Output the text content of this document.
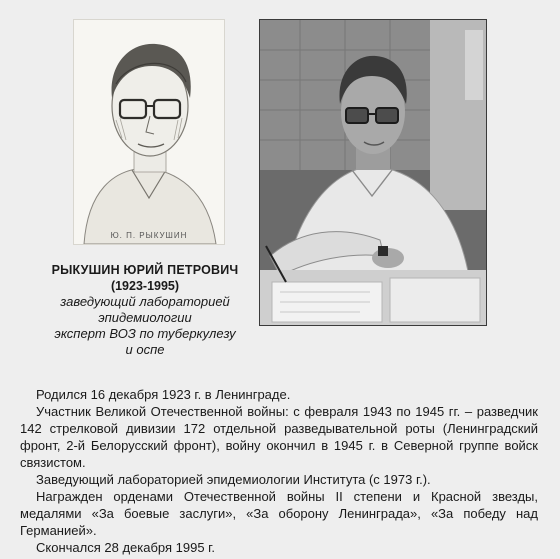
Ю. П. РЫКУШИН
РЫКУШИН ЮРИЙ ПЕТРОВИЧ
(1923-1995)
заведующий лабораторией
эпидемиологии
эксперт ВОЗ по туберкулезу
и оспе

Родился 16 декабря 1923 г. в Ленинграде.

Участник Великой Отечественной войны: с февраля 1943 по 1945 гг. – разведчик 142 стрелковой дивизии 172 отдельной разведывательной роты (Ленинградский фронт, 2-й Белорусский фронт), войну окончил в 1945 г. в Северной группе войск связистом.

Заведующий лабораторией эпидемиологии Института (с 1973 г.).

Награжден орденами Отечественной войны II степени и Красной звезды, медалями «За боевые заслуги», «За оборону Ленинграда», «За победу над Германией».

Скончался 28 декабря 1995 г.
